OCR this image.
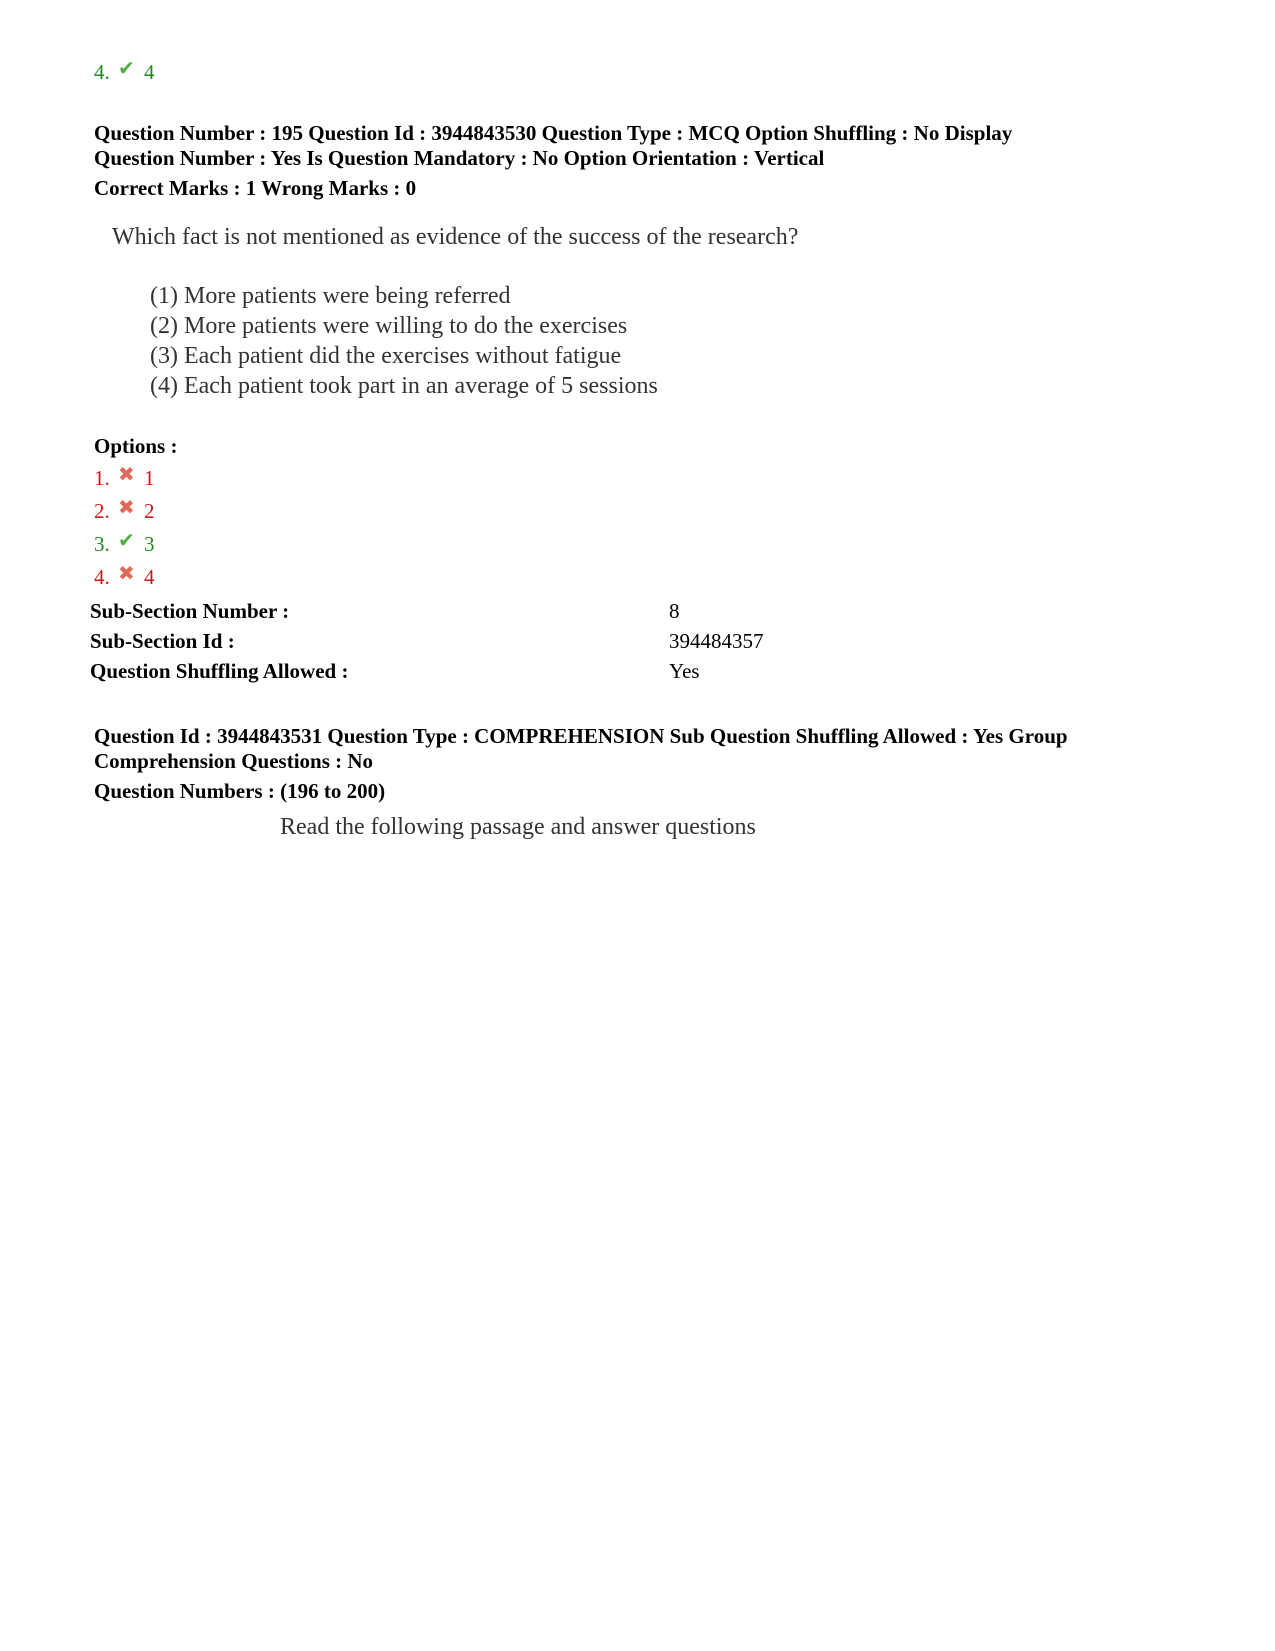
4. ✔ 4
Question Number : 195 Question Id : 3944843530 Question Type : MCQ Option Shuffling : No Display
Question Number : Yes Is Question Mandatory : No Option Orientation : Vertical
Correct Marks : 1 Wrong Marks : 0
Which fact is not mentioned as evidence of the success of the research?
(1) More patients were being referred
(2) More patients were willing to do the exercises
(3) Each patient did the exercises without fatigue
(4) Each patient took part in an average of 5 sessions
Options :
1. ✖ 1
2. ✖ 2
3. ✔ 3
4. ✖ 4
Sub-Section Number :	8
Sub-Section Id :	394484357
Question Shuffling Allowed :	Yes
Question Id : 3944843531 Question Type : COMPREHENSION Sub Question Shuffling Allowed : Yes Group
Comprehension Questions : No
Question Numbers : (196 to 200)
Read the following passage and answer questions
